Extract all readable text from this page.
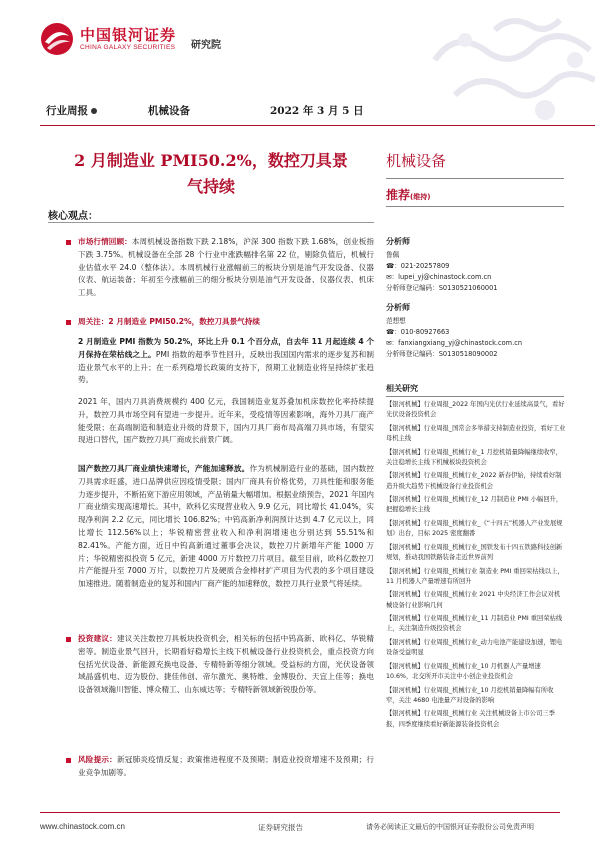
中国银河证券
CHINA GALAXY SECURITIES 研究院
行业周报	机械设备	2022 年 3 月 5 日
2 月制造业 PMI50.2%，数控刀具景
气持续
核心观点：
市场行情回顾：本周机械设备指数下跌 2.18%，沪深 300 指数下跌 1.68%，创业板指下跌 3.75%。机械设备在全部 28 个行业中涨跌幅排名第 22 位，剔除负值后，机械行业估值水平 24.0（整体法）。本周机械行业涨幅前三的板块分别是油气开发设备、仪器仪表、航运装备；年初至今涨幅前三的细分板块分别是油气开发设备、仪器仪表、机床工具。
周关注：2 月制造业 PMI50.2%，数控刀具景气持续
2 月制造业 PMI 指数为 50.2%，环比上升 0.1 个百分点，自去年 11 月起连续 4 个月保持在荣枯线之上。PMI 指数的超季节性回升，反映出我国国内需求的逐步复苏和制造业景气水平的上升；在一系列稳增长政策的支持下，预期工业制造业将呈持续扩张趋势。
2021 年，国内刀具消费规模约 400 亿元，我国制造业复苏叠加机床数控化率持续提升，数控刀具市场空间有望进一步提升。近年来，受疫情等因素影响，海外刀具厂商产能受限；在高端制造和制造业升级的背景下，国内刀具厂商布局高端刀具市场，有望实现进口替代，国产数控刀具厂商成长前景广阔。
国产数控刀具厂商业绩快速增长，产能加速释放。作为机械制造行业的基础，国内数控刀具需求旺盛，进口品牌供应因疫情受限；国内厂商具有价格优势，刀具性能和服务能力逐步提升，不断拓宽下游应用领域，产品销量大幅增加。根据业绩预告，2021 年国内厂商业绩实现高速增长。其中，欧科亿实现营业收入 9.9 亿元，同比增长 41.04%，实现净利润 2.2 亿元，同比增长 106.82%；中钨高新净利润预计达到 4.7 亿元以上，同比增长 112.56%以上；华锐精密营业收入和净利润增速也分别达到 55.51%和 82.41%。产能方面，近日中钨高新通过董事会决议，数控刀片新增年产能 1000 万片；华锐精密拟投资 5 亿元，新建 4000 万片数控刀片项目。截至目前，欧科亿数控刀片产能提升至 7000 万片，以数控刀片及硬质合金棒材扩产项目为代表的多个项目建设加速推进。随着制造业的复苏和国内厂商产能的加速释放，数控刀具行业景气将延续。
投资建议：建议关注数控刀具板块投资机会，相关标的包括中钨高新、欧科亿、华锐精密等。制造业景气回升，长期看好稳增长主线下机械设备行业投资机会，重点投资方向包括光伏设备、新能源充换电设备、专精特新等细分领域。受益标的方面，光伏设备领域晶盛机电、迈为股份、捷佳伟创、帝尔激光、奥特维、金博股份、天宜上佳等；换电设备领域瀚川智能、博众精工、山东威达等；专精特新领域新锐股份等。
风险提示：新冠肺炎疫情反复；政策推进程度不及预期；制造业投资增速不及预期；行业竞争加剧等。
机械设备
推荐(维持)
分析师
鲁佩
☎：021-20257809
✉：lupei_yj@chinastock.com.cn
分析师登记编码：S0130521060001
分析师
范想想
☎：010-80927663
✉：fanxiangxiang_yj@chinastock.com.cn
分析师登记编码：S0130518090002
相关研究
【银河机械】行业周报_2022 年国内光伏行业延续高景气，看好光伏设备投资机会
【银河机械】行业周报_国常会多举措支持制造业投资，看好工业母机主线
【银河机械】行业周报_机械行业_1 月挖机销量降幅继续收窄，关注稳增长主线下机械板块投资机会
【银河机械】行业周报_机械行业_2022 新春伊始，持续看好制造升级大趋势下机械设备行业投资机会
【银河机械】行业周报_机械行业_12 月制造业 PMI 小幅回升，把握稳增长主线
【银河机械】行业周报_机械行业_《“十四五”机器人产业发展规划》出台，目标 2025 密度翻番
【银河机械】行业周报_机械行业_国铁发布十四五铁路科技创新规划，推动我国铁路装备走近世界前列
【银河机械】行业周报_机械行业 制造业 PMI 重回荣枯线以上，11 月机器人产量增速有所回升
【银河机械】行业周报_机械行业 2021 中央经济工作会议对机械设备行业影响几何
【银河机械】行业周报_机械行业_11 月制造业 PMI 重回荣枯线上，关注制造升级投资机会
【银河机械】行业周报_机械行业_动力电池产能建设加速，锂电设备受益明显
【银河机械】行业周报_机械行业_10 月机器人产量增速 10.6%，北交所开市关注中小创企业投资机会
【银河机械】行业周报_机械行业_10 月挖机销量降幅有所收窄，关注 4680 电池量产对设备的影响
【银河机械】行业周报_机械行业 关注机械设备上市公司三季报，四季度继续看好新能源装备投资机会
www.chinastock.com.cn	证券研究报告	请务必阅读正文最后的中国银河证券股份公司免责声明
